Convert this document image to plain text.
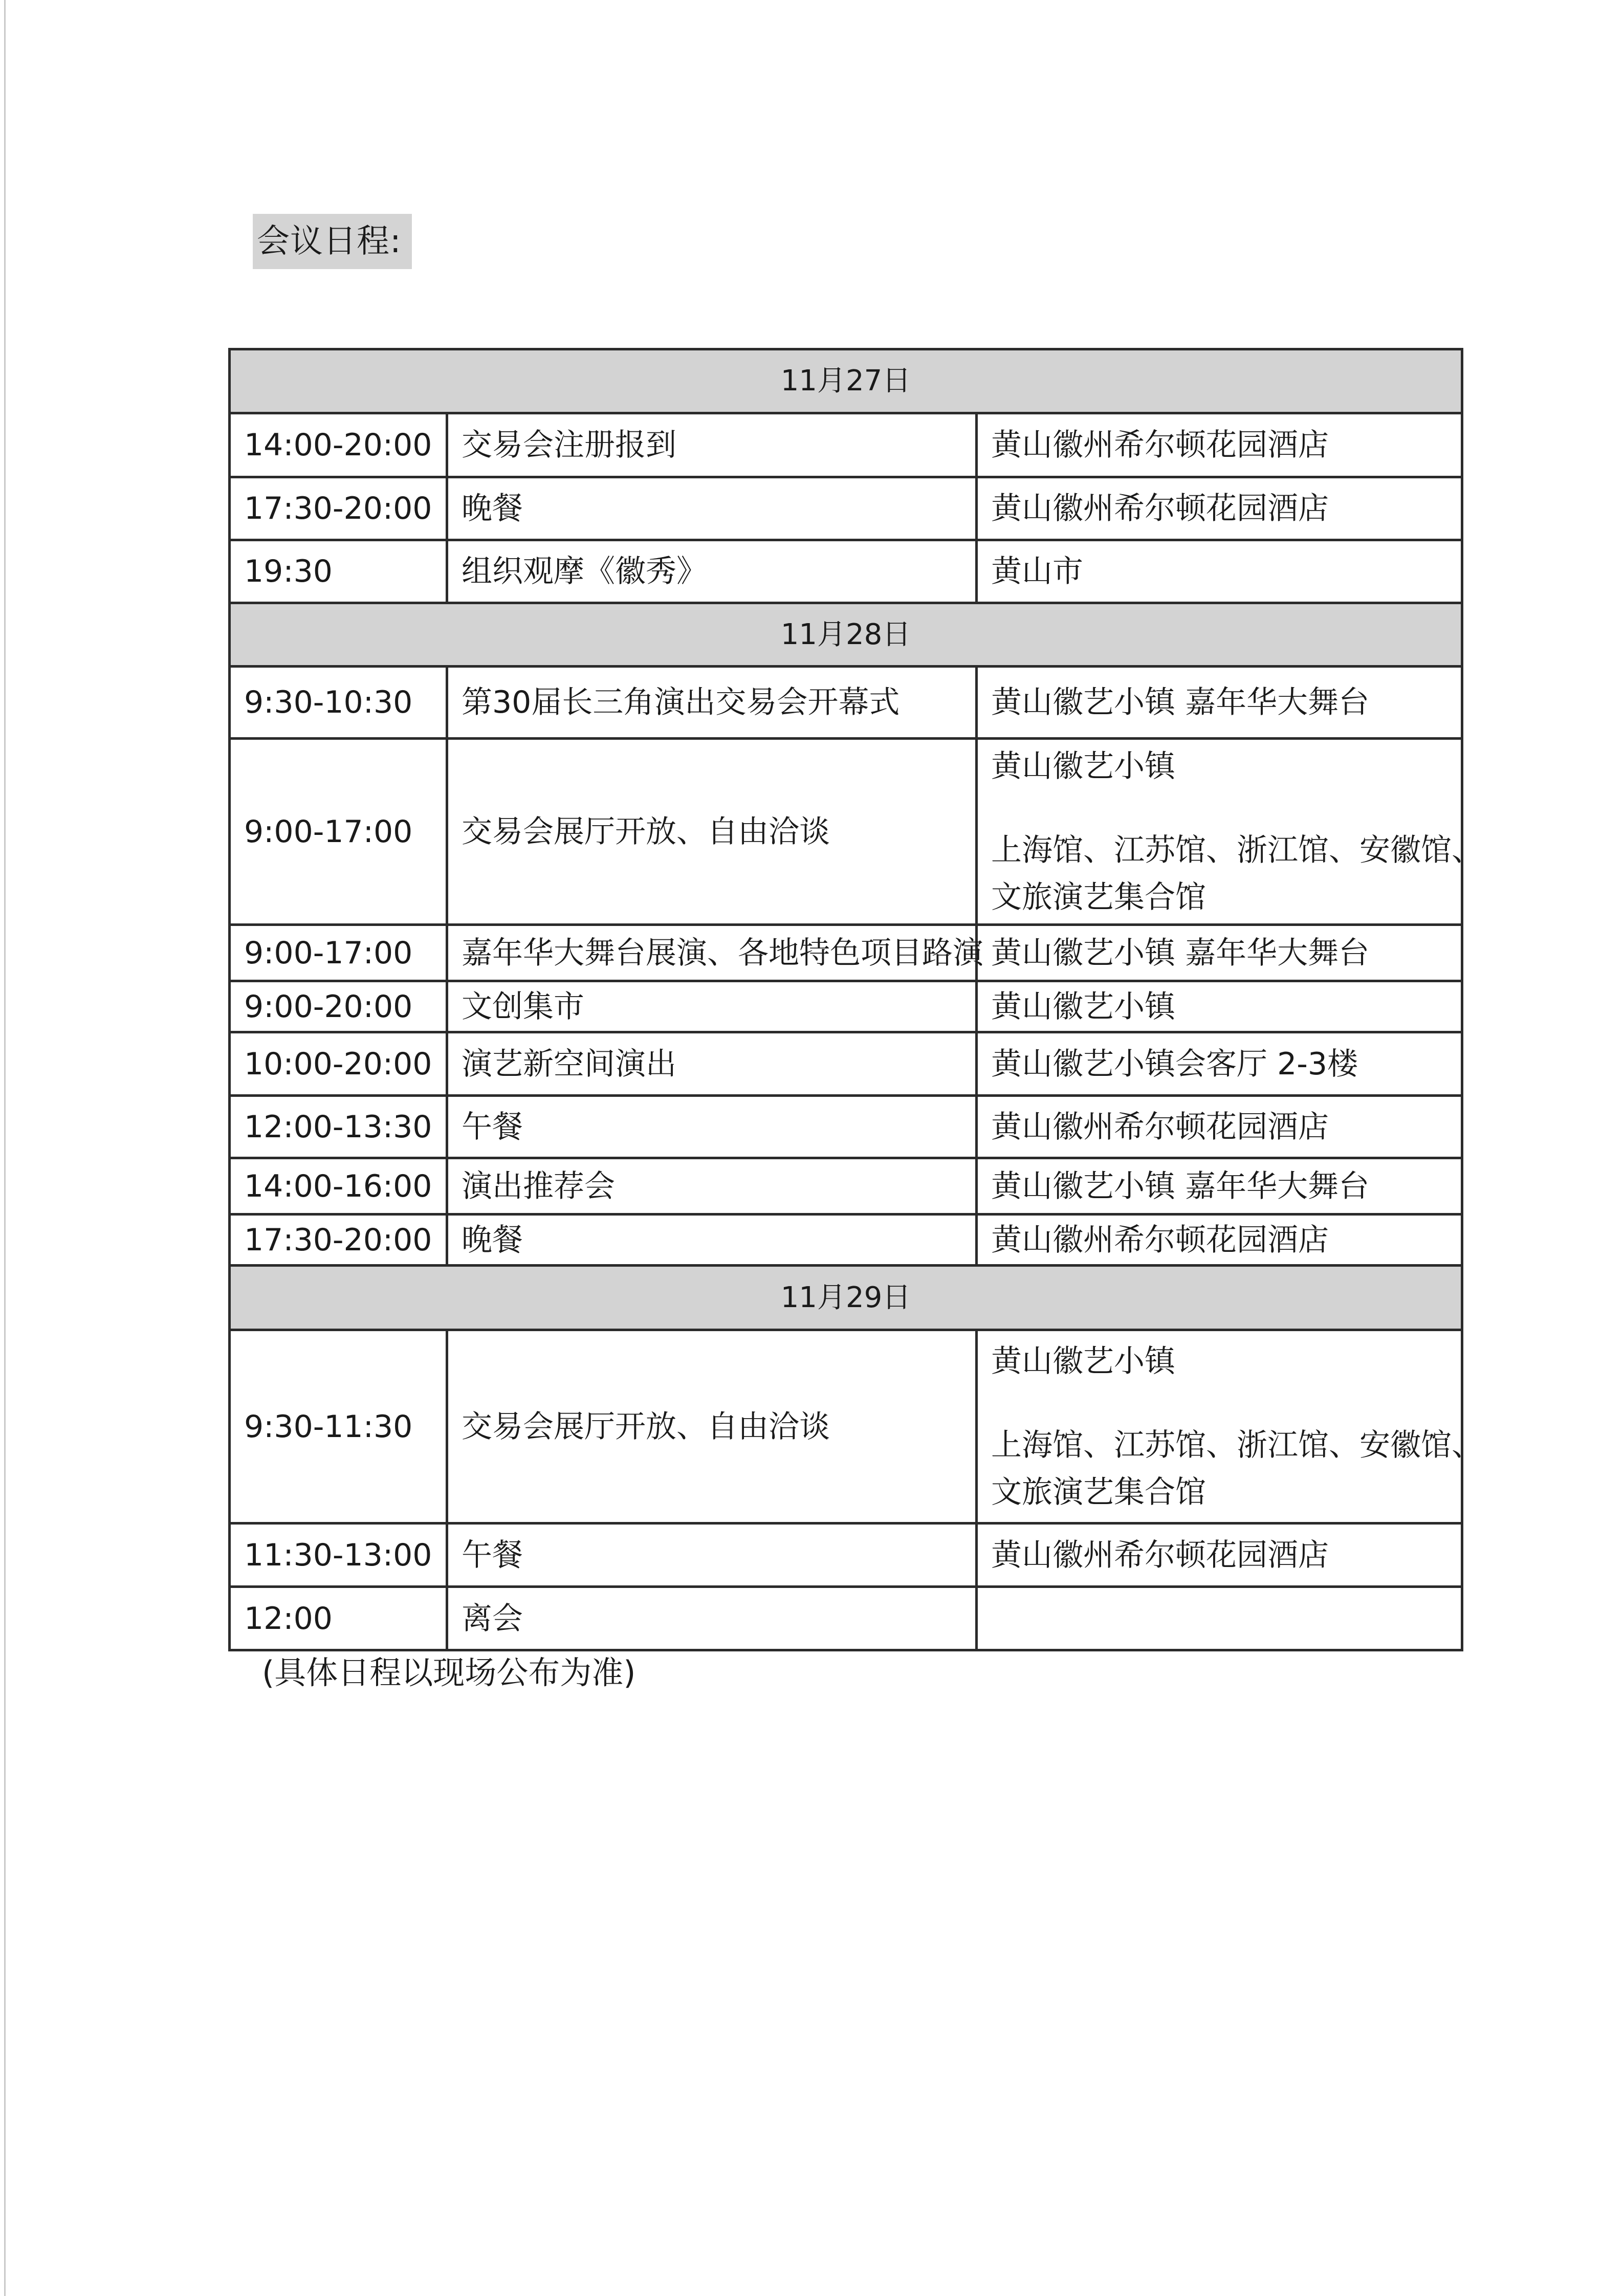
会议日程:
11月27日		
14:00-20:00	交易会注册报到	黄山徽州希尔顿花园酒店
17:30-20:00	晚餐	黄山徽州希尔顿花园酒店
19:30	组织观摩《徽秀》	黄山市
11月28日		
9:30-10:30	第30届长三角演出交易会开幕式	黄山徽艺小镇 嘉年华大舞台
9:00-17:00	交易会展厅开放、自由洽谈	黄山徽艺小镇
上海馆、江苏馆、浙江馆、安徽馆、
文旅演艺集合馆

9:00-17:00	嘉年华大舞台展演、各地特色项目路演	黄山徽艺小镇 嘉年华大舞台
9:00-20:00	文创集市	黄山徽艺小镇
10:00-20:00	演艺新空间演出	黄山徽艺小镇会客厅 2-3楼
12:00-13:30	午餐	黄山徽州希尔顿花园酒店
14:00-16:00	演出推荐会	黄山徽艺小镇 嘉年华大舞台
17:30-20:00	晚餐	黄山徽州希尔顿花园酒店
11月29日		
9:30-11:30	交易会展厅开放、自由洽谈	黄山徽艺小镇
上海馆、江苏馆、浙江馆、安徽馆、
文旅演艺集合馆

11:30-13:00	午餐	黄山徽州希尔顿花园酒店
12:00	离会	
(具体日程以现场公布为准)
